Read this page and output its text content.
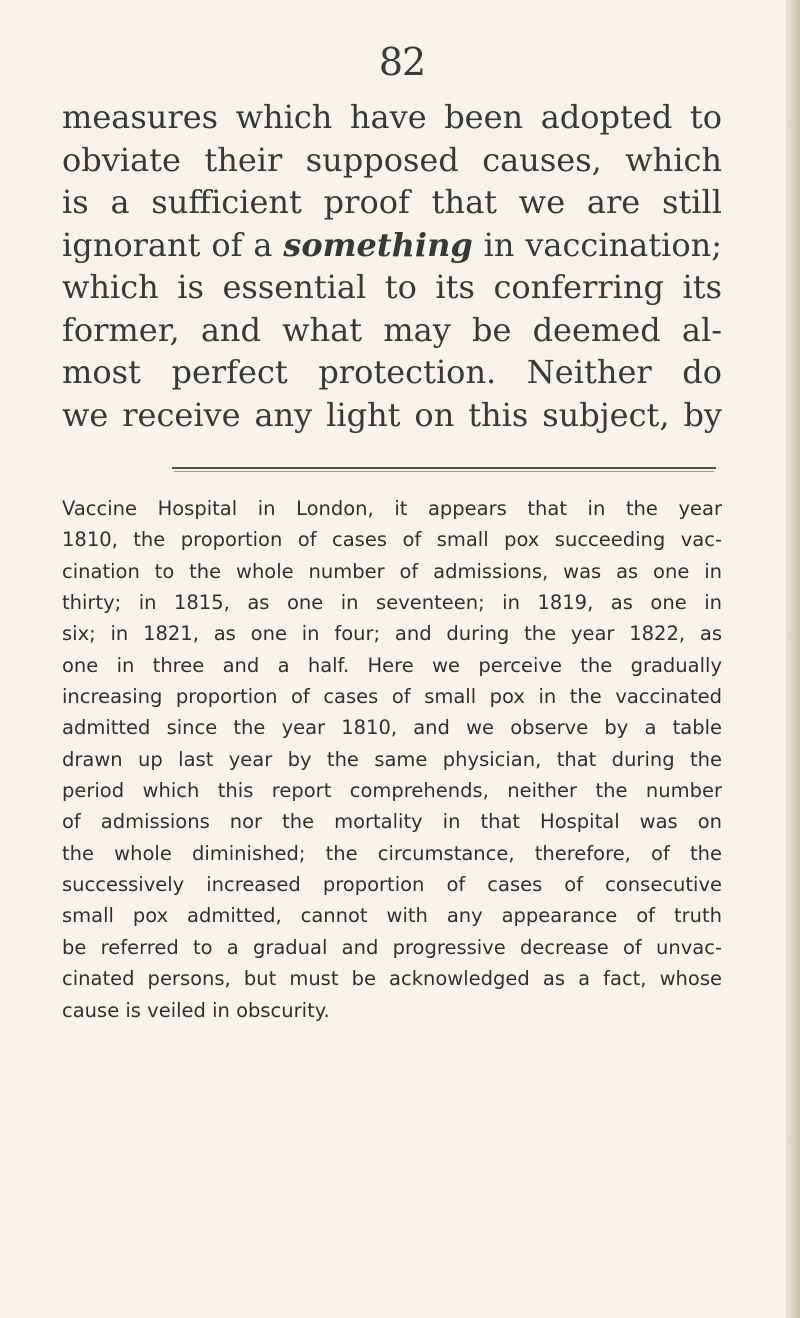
82
measures which have been adopted to
obviate their supposed causes, which
is a sufficient proof that we are still
ignorant of a something in vaccination;
which is essential to its conferring its
former, and what may be deemed al-
most perfect protection. Neither do
we receive any light on this subject, by
Vaccine Hospital in London, it appears that in the year
1810, the proportion of cases of small pox succeeding vac-
cination to the whole number of admissions, was as one in
thirty; in 1815, as one in seventeen; in 1819, as one in
six; in 1821, as one in four; and during the year 1822, as
one in three and a half. Here we perceive the gradually
increasing proportion of cases of small pox in the vaccinated
admitted since the year 1810, and we observe by a table
drawn up last year by the same physician, that during the
period which this report comprehends, neither the number
of admissions nor the mortality in that Hospital was on
the whole diminished; the circumstance, therefore, of the
successively increased proportion of cases of consecutive
small pox admitted, cannot with any appearance of truth
be referred to a gradual and progressive decrease of unvac-
cinated persons, but must be acknowledged as a fact, whose
cause is veiled in obscurity.
